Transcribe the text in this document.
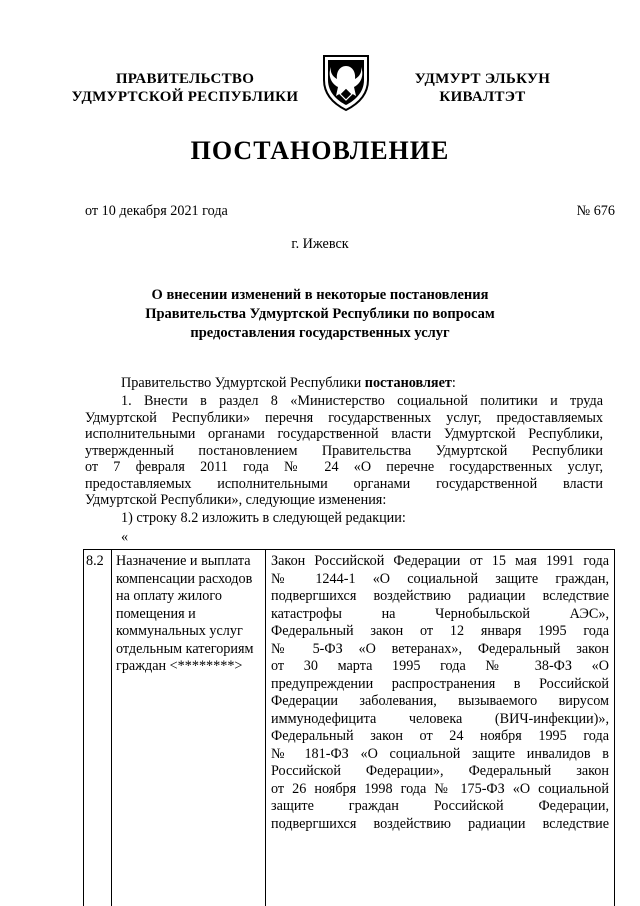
ПРАВИТЕЛЬСТВО
УДМУРТСКОЙ РЕСПУБЛИКИ
УДМУРТ ЭЛЬКУН
КИВАЛТЭТ
ПОСТАНОВЛЕНИЕ
от 10 декабря 2021 года	№ 676
г. Ижевск
О внесении изменений в некоторые постановления
Правительства Удмуртской Республики по вопросам
предоставления государственных услуг
Правительство Удмуртской Республики постановляет:
1. Внести в раздел 8 «Министерство социальной политики и труда
Удмуртской Республики» перечня государственных услуг, предоставляемых
исполнительными органами государственной власти Удмуртской Республики,
утвержденный постановлением Правительства Удмуртской Республики
от 7 февраля 2011 года № 24 «О перечне государственных услуг,
предоставляемых исполнительными органами государственной власти
Удмуртской Республики», следующие изменения:
1) строку 8.2 изложить в следующей редакции:
«
8.2	Назначение и выплата
компенсации расходов
на оплату жилого
помещения и
коммунальных услуг
отдельным категориям
граждан <********>

Закон Российской Федерации от 15 мая 1991 года
№ 1244-1 «О социальной защите граждан,
подвергшихся воздействию радиации вследствие
катастрофы на Чернобыльской АЭС»,
Федеральный закон от 12 января 1995 года
№ 5-ФЗ «О ветеранах», Федеральный закон
от 30 марта 1995 года № 38-ФЗ «О
предупреждении распространения в Российской
Федерации заболевания, вызываемого вирусом
иммунодефицита человека (ВИЧ-инфекции)»,
Федеральный закон от 24 ноября 1995 года
№ 181-ФЗ «О социальной защите инвалидов в
Российской Федерации», Федеральный закон
от 26 ноября 1998 года № 175-ФЗ «О социальной
защите граждан Российской Федерации,
подвергшихся воздействию радиации вследствие
